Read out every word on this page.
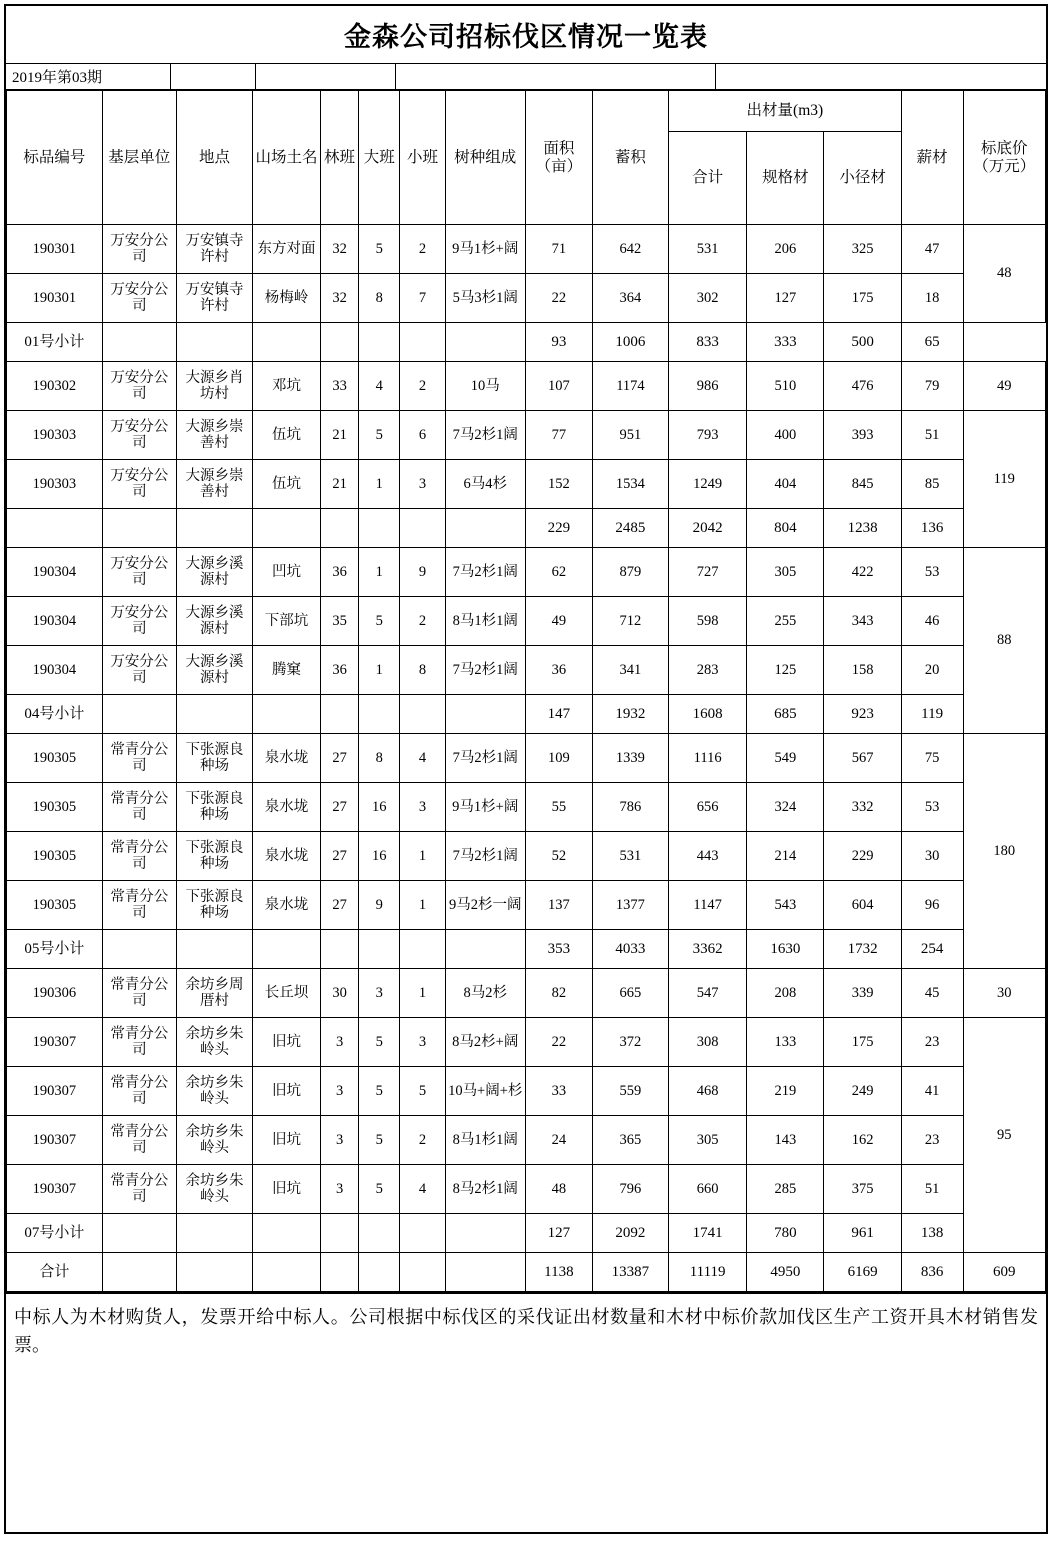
金森公司招标伐区情况一览表
2019年第03期
标品编号	基层单位	地点	山场土名	林班	大班	小班	树种组成	面积（亩）	蓄积	出材量(m3)			薪材	标底价（万元）
										合计	规格材	小径材		
190301	万安分公司	万安镇寺许村	东方对面	32	5	2	9马1杉+阔	71	642	531	206	325	47	48
190301	万安分公司	万安镇寺许村	杨梅岭	32	8	7	5马3杉1阔	22	364	302	127	175	18	
01号小计								93	1006	833	333	500	65	
190302	万安分公司	大源乡肖坊村	邓坑	33	4	2	10马	107	1174	986	510	476	79	49
190303	万安分公司	大源乡崇善村	伍坑	21	5	6	7马2杉1阔	77	951	793	400	393	51	119
190303	万安分公司	大源乡崇善村	伍坑	21	1	3	6马4杉	152	1534	1249	404	845	85	
								229	2485	2042	804	1238	136	
190304	万安分公司	大源乡溪源村	凹坑	36	1	9	7马2杉1阔	62	879	727	305	422	53	88
190304	万安分公司	大源乡溪源村	下部坑	35	5	2	8马1杉1阔	49	712	598	255	343	46	
190304	万安分公司	大源乡溪源村	腾窠	36	1	8	7马2杉1阔	36	341	283	125	158	20	
04号小计								147	1932	1608	685	923	119	
190305	常青分公司	下张源良种场	泉水垅	27	8	4	7马2杉1阔	109	1339	1116	549	567	75	180
190305	常青分公司	下张源良种场	泉水垅	27	16	3	9马1杉+阔	55	786	656	324	332	53	
190305	常青分公司	下张源良种场	泉水垅	27	16	1	7马2杉1阔	52	531	443	214	229	30	
190305	常青分公司	下张源良种场	泉水垅	27	9	1	9马2杉一阔	137	1377	1147	543	604	96	
05号小计								353	4033	3362	1630	1732	254	
190306	常青分公司	余坊乡周厝村	长丘坝	30	3	1	8马2杉	82	665	547	208	339	45	30
190307	常青分公司	余坊乡朱岭头	旧坑	3	5	3	8马2杉+阔	22	372	308	133	175	23	95
190307	常青分公司	余坊乡朱岭头	旧坑	3	5	5	10马+阔+杉	33	559	468	219	249	41	
190307	常青分公司	余坊乡朱岭头	旧坑	3	5	2	8马1杉1阔	24	365	305	143	162	23	
190307	常青分公司	余坊乡朱岭头	旧坑	3	5	4	8马2杉1阔	48	796	660	285	375	51	
07号小计								127	2092	1741	780	961	138	
合计								1138	13387	11119	4950	6169	836	609

中标人为木材购货人，发票开给中标人。公司根据中标伐区的采伐证出材数量和木材中标价款加伐区生产工资开具木材销售发票。
